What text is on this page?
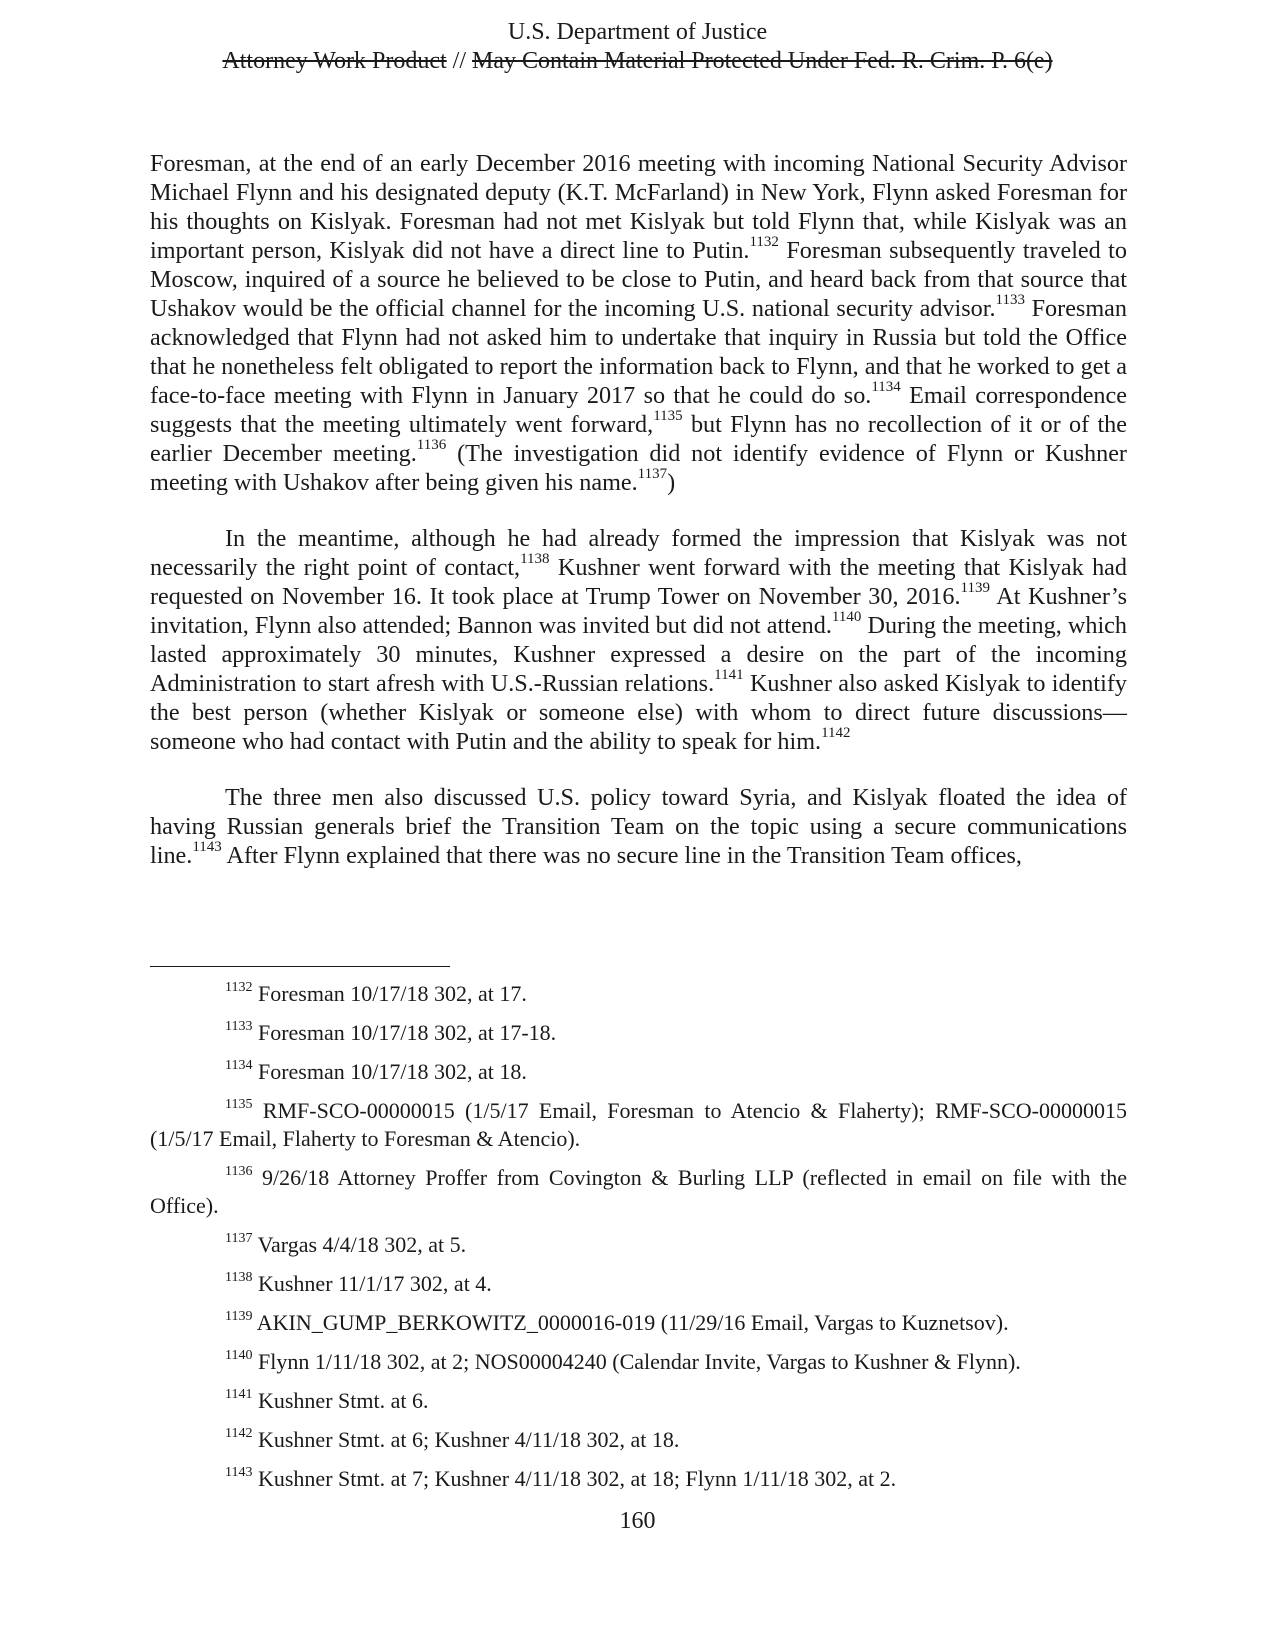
U.S. Department of Justice
Attorney Work Product // May Contain Material Protected Under Fed. R. Crim. P. 6(e)

Foresman, at the end of an early December 2016 meeting with incoming National Security Advisor Michael Flynn and his designated deputy (K.T. McFarland) in New York, Flynn asked Foresman for his thoughts on Kislyak. Foresman had not met Kislyak but told Flynn that, while Kislyak was an important person, Kislyak did not have a direct line to Putin.$^{1132}$ Foresman subsequently traveled to Moscow, inquired of a source he believed to be close to Putin, and heard back from that source that Ushakov would be the official channel for the incoming U.S. national security advisor.$^{1133}$ Foresman acknowledged that Flynn had not asked him to undertake that inquiry in Russia but told the Office that he nonetheless felt obligated to report the information back to Flynn, and that he worked to get a face-to-face meeting with Flynn in January 2017 so that he could do so.$^{1134}$ Email correspondence suggests that the meeting ultimately went forward,$^{1135}$ but Flynn has no recollection of it or of the earlier December meeting.$^{1136}$ (The investigation did not identify evidence of Flynn or Kushner meeting with Ushakov after being given his name.$^{1137}$)

In the meantime, although he had already formed the impression that Kislyak was not necessarily the right point of contact,$^{1138}$ Kushner went forward with the meeting that Kislyak had requested on November 16. It took place at Trump Tower on November 30, 2016.$^{1139}$ At Kushner’s invitation, Flynn also attended; Bannon was invited but did not attend.$^{1140}$ During the meeting, which lasted approximately 30 minutes, Kushner expressed a desire on the part of the incoming Administration to start afresh with U.S.-Russian relations.$^{1141}$ Kushner also asked Kislyak to identify the best person (whether Kislyak or someone else) with whom to direct future discussions—someone who had contact with Putin and the ability to speak for him.$^{1142}$

The three men also discussed U.S. policy toward Syria, and Kislyak floated the idea of having Russian generals brief the Transition Team on the topic using a secure communications line.$^{1143}$ After Flynn explained that there was no secure line in the Transition Team offices,

$^{1132}$ Foresman 10/17/18 302, at 17.
$^{1133}$ Foresman 10/17/18 302, at 17-18.
$^{1134}$ Foresman 10/17/18 302, at 18.
$^{1135}$ RMF-SCO-00000015 (1/5/17 Email, Foresman to Atencio & Flaherty); RMF-SCO-00000015 (1/5/17 Email, Flaherty to Foresman & Atencio).
$^{1136}$ 9/26/18 Attorney Proffer from Covington & Burling LLP (reflected in email on file with the Office).
$^{1137}$ Vargas 4/4/18 302, at 5.
$^{1138}$ Kushner 11/1/17 302, at 4.
$^{1139}$ AKIN_GUMP_BERKOWITZ_0000016-019 (11/29/16 Email, Vargas to Kuznetsov).
$^{1140}$ Flynn 1/11/18 302, at 2; NOS00004240 (Calendar Invite, Vargas to Kushner & Flynn).
$^{1141}$ Kushner Stmt. at 6.
$^{1142}$ Kushner Stmt. at 6; Kushner 4/11/18 302, at 18.
$^{1143}$ Kushner Stmt. at 7; Kushner 4/11/18 302, at 18; Flynn 1/11/18 302, at 2.
160
